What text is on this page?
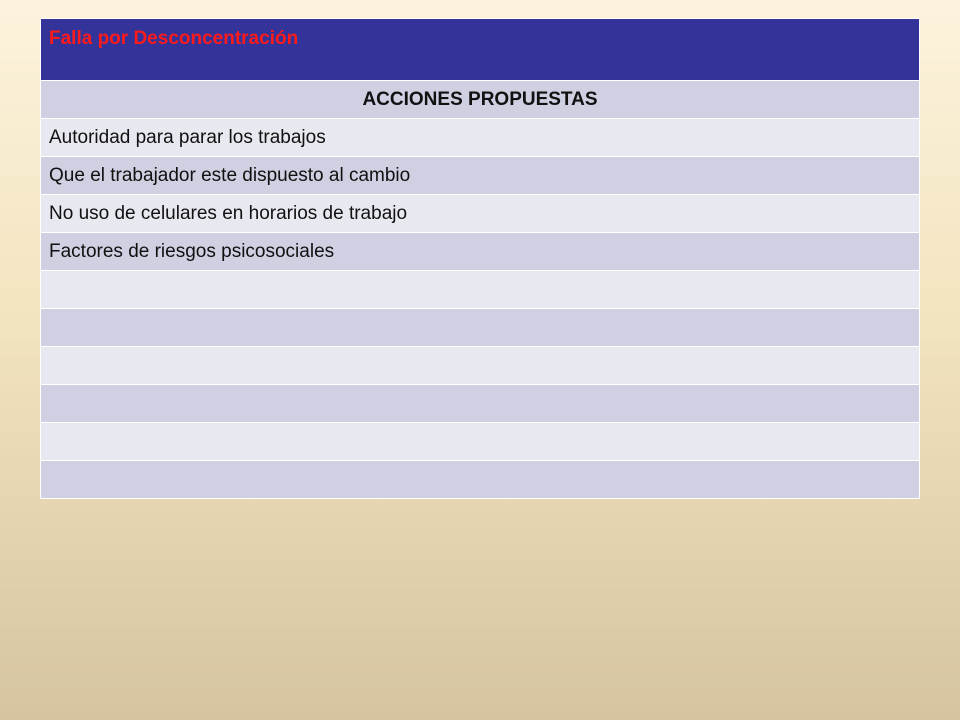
Falla por Desconcentración
ACCIONES PROPUESTAS
Autoridad para parar los trabajos
Que el trabajador este dispuesto al cambio
No uso de celulares en horarios de trabajo
Factores de riesgos psicosociales
